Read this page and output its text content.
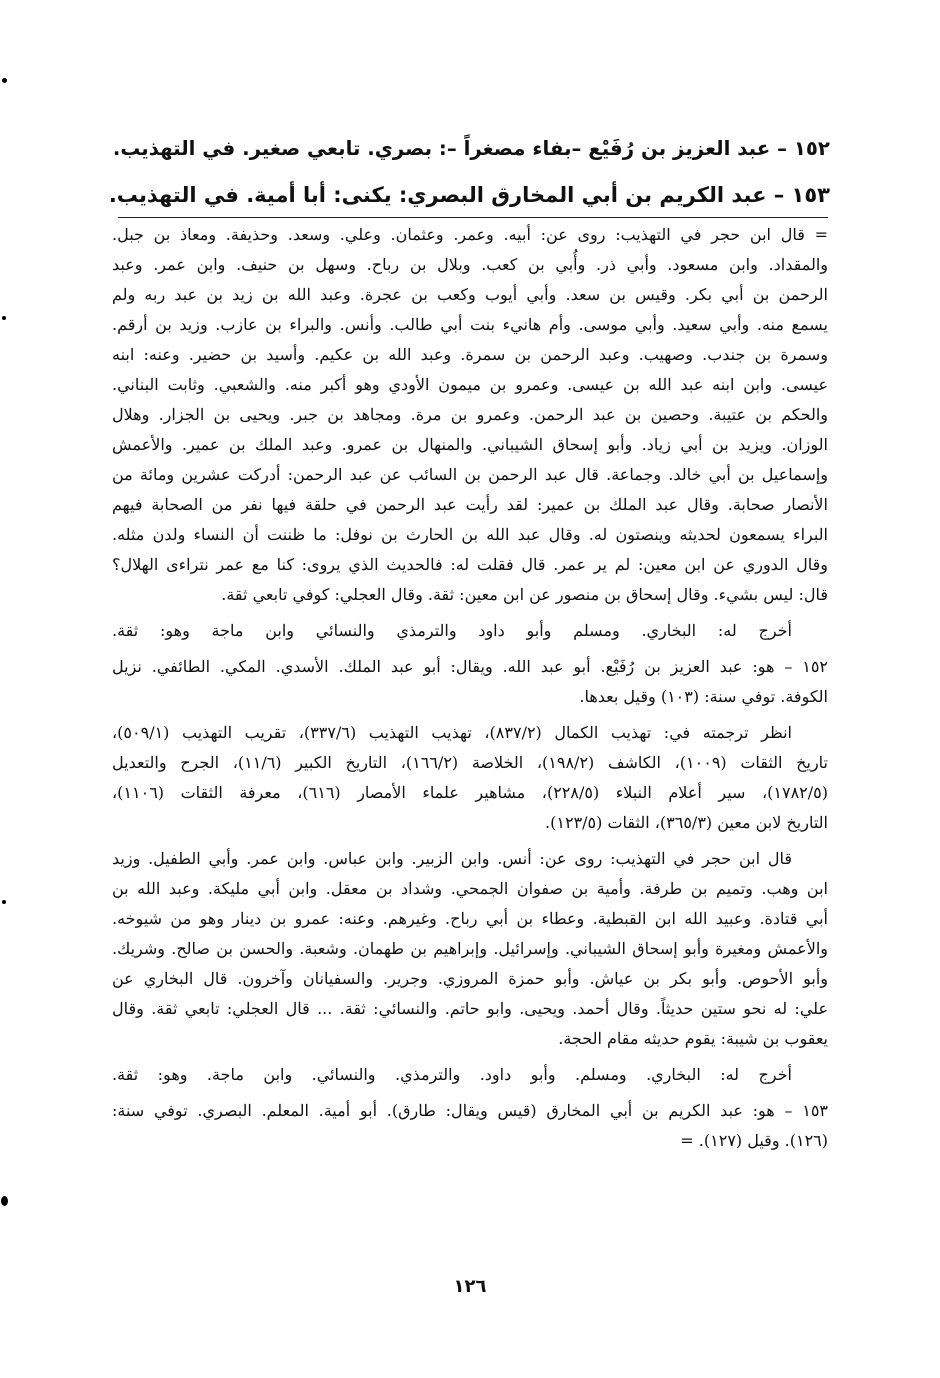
١٥٢ – عبد العزيز بن رُفَيْع –بفاء مصغراً –: بصري. تابعي صغير. في التهذيب.
١٥٣ – عبد الكريم بن أبي المخارق البصري: يكنى: أبا أمية. في التهذيب.
= قال ابن حجر في التهذيب: روى عن: أبيه. وعمر. وعثمان. وعلي. وسعد. وحذيفة. ومعاذ بن جبل.
والمقداد. وابن مسعود. وأبي ذر. وأُبي بن كعب. وبلال بن رباح. وسهل بن حنيف. وابن عمر. وعبد
الرحمن بن أبي بكر. وقيس بن سعد. وأبي أيوب وكعب بن عجرة. وعبد الله بن زيد بن عبد ربه ولم
يسمع منه. وأبي سعيد. وأبي موسى. وأم هانيء بنت أبي طالب. وأنس. والبراء بن عازب. وزيد بن أرقم.
وسمرة بن جندب. وصهيب. وعبد الرحمن بن سمرة. وعبد الله بن عكيم. وأسيد بن حضير. وعنه: ابنه
عيسى. وابن ابنه عبد الله بن عيسى. وعمرو بن ميمون الأودي وهو أكبر منه. والشعبي. وثابت البناني.
والحكم بن عتيبة. وحصين بن عبد الرحمن. وعمرو بن مرة. ومجاهد بن جبر. ويحيى بن الجزار. وهلال
الوزان. ويزيد بن أبي زياد. وأبو إسحاق الشيباني. والمنهال بن عمرو. وعبد الملك بن عمير. والأعمش
وإسماعيل بن أبي خالد. وجماعة. قال عبد الرحمن بن السائب عن عبد الرحمن: أدركت عشرين ومائة من
الأنصار صحابة. وقال عبد الملك بن عمير: لقد رأيت عبد الرحمن في حلقة فيها نفر من الصحابة فيهم
البراء يسمعون لحديثه وينصتون له. وقال عبد الله بن الحارث بن نوفل: ما ظننت أن النساء ولدن مثله.
وقال الدوري عن ابن معين: لم ير عمر. قال فقلت له: فالحديث الذي يروى: كنا مع عمر نتراءى الهلال؟
قال: ليس بشيء. وقال إسحاق بن منصور عن ابن معين: ثقة. وقال العجلي: كوفي تابعي ثقة.
أخرج له: البخاري. ومسلم وأبو داود والترمذي والنسائي وابن ماجة وهو: ثقة.
١٥٢ – هو: عبد العزيز بن رُفَيْع. أبو عبد الله. ويقال: أبو عبد الملك. الأسدي. المكي. الطائفي. نزيل
الكوفة. توفي سنة: (١٠٣) وقيل بعدها.
انظر ترجمته في: تهذيب الكمال (٨٣٧/٢)، تهذيب التهذيب (٣٣٧/٦)، تقريب التهذيب (٥٠٩/١)،
تاريخ الثقات (١٠٠٩)، الكاشف (١٩٨/٢)، الخلاصة (١٦٦/٢)، التاريخ الكبير (١١/٦)، الجرح والتعديل
(١٧٨٢/٥)، سير أعلام النبلاء (٢٢٨/٥)، مشاهير علماء الأمصار (٦١٦)، معرفة الثقات (١١٠٦)،
التاريخ لابن معين (٣٦٥/٣)، الثقات (١٢٣/٥).
قال ابن حجر في التهذيب: روى عن: أنس. وابن الزبير. وابن عباس. وابن عمر. وأبي الطفيل. وزيد
ابن وهب. وتميم بن طرفة. وأمية بن صفوان الجمحي. وشداد بن معقل. وابن أبي مليكة. وعبد الله بن
أبي قتادة. وعبيد الله ابن القبطية. وعطاء بن أبي رباح. وغيرهم. وعنه: عمرو بن دينار وهو من شيوخه.
والأعمش ومغيرة وأبو إسحاق الشيباني. وإسرائيل. وإبراهيم بن طهمان. وشعبة. والحسن بن صالح. وشريك.
وأبو الأحوص. وأبو بكر بن عياش. وأبو حمزة المروزي. وجرير. والسفيانان وآخرون. قال البخاري عن
علي: له نحو ستين حديثاً. وقال أحمد. ويحيى. وابو حاتم. والنسائي: ثقة. ... قال العجلي: تابعي ثقة. وقال
يعقوب بن شيبة: يقوم حديثه مقام الحجة.
أخرج له: البخاري. ومسلم. وأبو داود. والترمذي. والنسائي. وابن ماجة. وهو: ثقة.
١٥٣ – هو: عبد الكريم بن أبي المخارق (قيس ويقال: طارق). أبو أمية. المعلم. البصري. توفي سنة:
(١٢٦). وقيل (١٢٧). =
١٢٦
